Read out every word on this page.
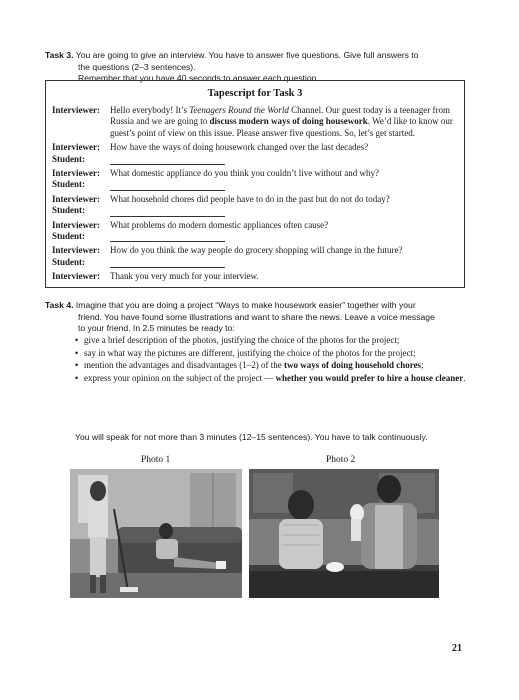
Task 3. You are going to give an interview. You have to answer five questions. Give full answers to
the questions (2–3 sentences).
Remember that you have 40 seconds to answer each question.
Tapescript for Task 3
Interviewer:	Hello everybody! It’s Teenagers Round the World Channel. Our guest today is a teenager from Russia and we are going to discuss modern ways of doing housework. We’d like to know our guest’s point of view on this issue. Please answer five questions. So, let’s get started.
Interviewer:	How have the ways of doing housework changed over the last decades?
Student:
Interviewer:	What domestic appliance do you think you couldn’t live without and why?
Student:
Interviewer:	What household chores did people have to do in the past but do not do today?
Student:
Interviewer:	What problems do modern domestic appliances often cause?
Student:
Interviewer:	How do you think the way people do grocery shopping will change in the future?
Student:
Interviewer:	Thank you very much for your interview.
Task 4. Imagine that you are doing a project “Ways to make housework easier” together with your
friend. You have found some illustrations and want to share the news. Leave a voice message
to your friend. In 2.5 minutes be ready to:
• give a brief description of the photos, justifying the choice of the photos for the project;
• say in what way the pictures are different, justifying the choice of the photos for the project;
• mention the advantages and disadvantages (1–2) of the two ways of doing household chores;
• express your opinion on the subject of the project — whether you would prefer to hire a house cleaner.
You will speak for not more than 3 minutes (12–15 sentences). You have to talk continuously.
Photo 1	Photo 2
21
